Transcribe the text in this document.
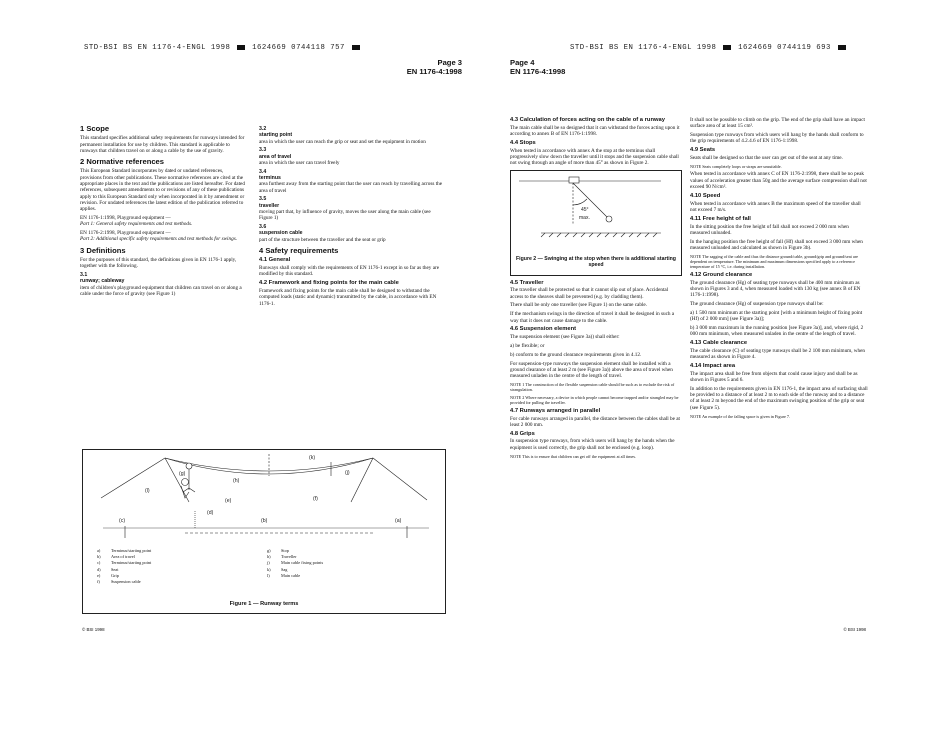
STD-BSI BS EN 1176-4-ENGL 1998	1624669 0744118 757
Page 3
EN 1176-4:1998
1 Scope

This standard specifies additional safety requirements for runways intended for permanent installation for use by children. This standard is applicable to runways that children travel on or along a cable by the use of gravity.

2 Normative references

This European Standard incorporates by dated or undated references, provisions from other publications. These normative references are cited at the appropriate places in the text and the publications are listed hereafter. For dated references, subsequent amendments to or revisions of any of these publications apply to this European Standard only when incorporated in it by amendment or revision. For undated references the latest edition of the publication referred to applies.

EN 1176-1:1998, Playground equipment —

Part 1: General safety requirements and test methods.

EN 1176-2:1998, Playground equipment —

Part 2: Additional specific safety requirements and test methods for swings.

3 Definitions

For the purposes of this standard, the definitions given in EN 1176-1 apply, together with the following.

3.1
runway; cableway

item of children's playground equipment that children can travel on or along a cable under the force of gravity (see Figure 1)

3.2
starting point

area in which the user can reach the grip or seat and set the equipment in motion

3.3
area of travel

area in which the user can travel freely

3.4
terminus

area furthest away from the starting point that the user can reach by travelling across the area of travel

3.5
traveller

moving part that, by influence of gravity, moves the user along the main cable (see Figure 1)

3.6
suspension cable

part of the structure between the traveller and the seat or grip

4 Safety requirements
4.1 General

Runways shall comply with the requirements of EN 1176-1 except in so far as they are modified by this standard.

4.2 Framework and fixing points for the main cable

Framework and fixing points for the main cable shall be designed to withstand the computed loads (static and dynamic) transmitted by the cable, in accordance with EN 1176-1.

(k)
(g)
(h)
(j)
(l)
(e)	(f)
(d)
(c)	(b)	(a)
a) Terminus/starting point
b) Area of travel
c) Terminus/starting point
d) Seat
e) Grip
f)	Suspension cable
g) Stop
h) Traveller
j)	Main cable fixing points
k) Sag
l)	Main cable
Figure 1 — Runway terms
© BSI 1998
STD-BSI BS EN 1176-4-ENGL 1998	1624669 0744119 693
Page 4
EN 1176-4:1998
4.3 Calculation of forces acting on the cable of a runway

The main cable shall be so designed that it can withstand the forces acting upon it according to annex B of EN 1176-1:1998.

4.4 Stops

When tested in accordance with annex A the stop at the terminus shall progressively slow down the traveller until it stops and the suspension cable shall not swing through an angle of more than 45° as shown in Figure 2.

45°
max.
Figure 2 — Swinging at the stop when there is additional starting speed
4.5 Traveller

The traveller shall be protected so that it cannot slip out of place. Accidental access to the sheaves shall be prevented (e.g. by cladding them).

There shall be only one traveller (see Figure 1) on the same cable.

If the mechanism swings in the direction of travel it shall be designed in such a way that it does not cause damage to the cable.

4.6 Suspension element

The suspension element (see Figure 3a)) shall either:

a) be flexible; or

b) conform to the ground clearance requirements given in 4.12.

For suspension-type runways the suspension element shall be installed with a ground clearance of at least 2 m (see Figure 3a)) above the area of travel when measured unladen in the centre of the length of travel.

NOTE 1 The construction of the flexible suspension cable should be such as to exclude the risk of strangulation.

NOTE 2 Where necessary, a device in which people cannot become trapped and/or strangled may be provided for pulling the traveller.

4.7 Runways arranged in parallel

For cable runways arranged in parallel, the distance between the cables shall be at least 2 000 mm.

4.8 Grips

In suspension type runways, from which users will hang by the hands when the equipment is used correctly, the grip shall not be enclosed (e.g. loop).

NOTE This is to ensure that children can get off the equipment at all times.

It shall not be possible to climb on the grip. The end of the grip shall have an impact surface area of at least 15 cm².

Suspension type runways from which users will hang by the hands shall conform to the grip requirements of 4.2.4.6 of EN 1176-1:1998.

4.9 Seats

Seats shall be designed so that the user can get out of the seat at any time.

NOTE Seats completely loops or straps are unsuitable.

When tested in accordance with annex C of EN 1176-2:1998, there shall be no peak values of acceleration greater than 50g and the average surface compression shall not exceed 90 N/cm².

4.10 Speed

When tested in accordance with annex B the maximum speed of the traveller shall not exceed 7 m/s.

4.11 Free height of fall

In the sitting position the free height of fall shall not exceed 2 000 mm when measured unloaded.

In the hanging position the free height of fall (Hf) shall not exceed 3 000 mm when measured unloaded and calculated as shown in Figure 3b).

NOTE The sagging of the cable and thus the distance ground/cable, ground/grip and ground/seat are dependent on temperature. The minimum and maximum dimensions specified apply to a reference temperature of 15 °C, i.e. during installation.

4.12 Ground clearance

The ground clearance (Hg) of seating type runways shall be 400 mm minimum as shown in Figures 3 and 4, when measured loaded with 130 kg (see annex B of EN 1176-1:1998).

The ground clearance (Hg) of suspension type runways shall be:

a) 1 500 mm minimum at the starting point [with a minimum height of fixing point (Hf) of 2 000 mm] (see Figure 3a)];

b) 3 000 mm maximum in the running position [see Figure 3a)], and, where rigid, 2 000 mm minimum, when measured unladen in the centre of the length of travel.

4.13 Cable clearance

The cable clearance (C) of seating type runways shall be 2 100 mm minimum, when measured as shown in Figure 4.

4.14 Impact area

The impact area shall be free from objects that could cause injury and shall be as shown in Figures 5 and 6.

In addition to the requirements given in EN 1176-1, the impact area of surfacing shall be provided to a distance of at least 2 m to each side of the runway and to a distance of at least 2 m beyond the end of the maximum swinging position of the grip or seat (see Figure 5).

NOTE An example of the falling space is given in Figure 7.

© BSI 1998
